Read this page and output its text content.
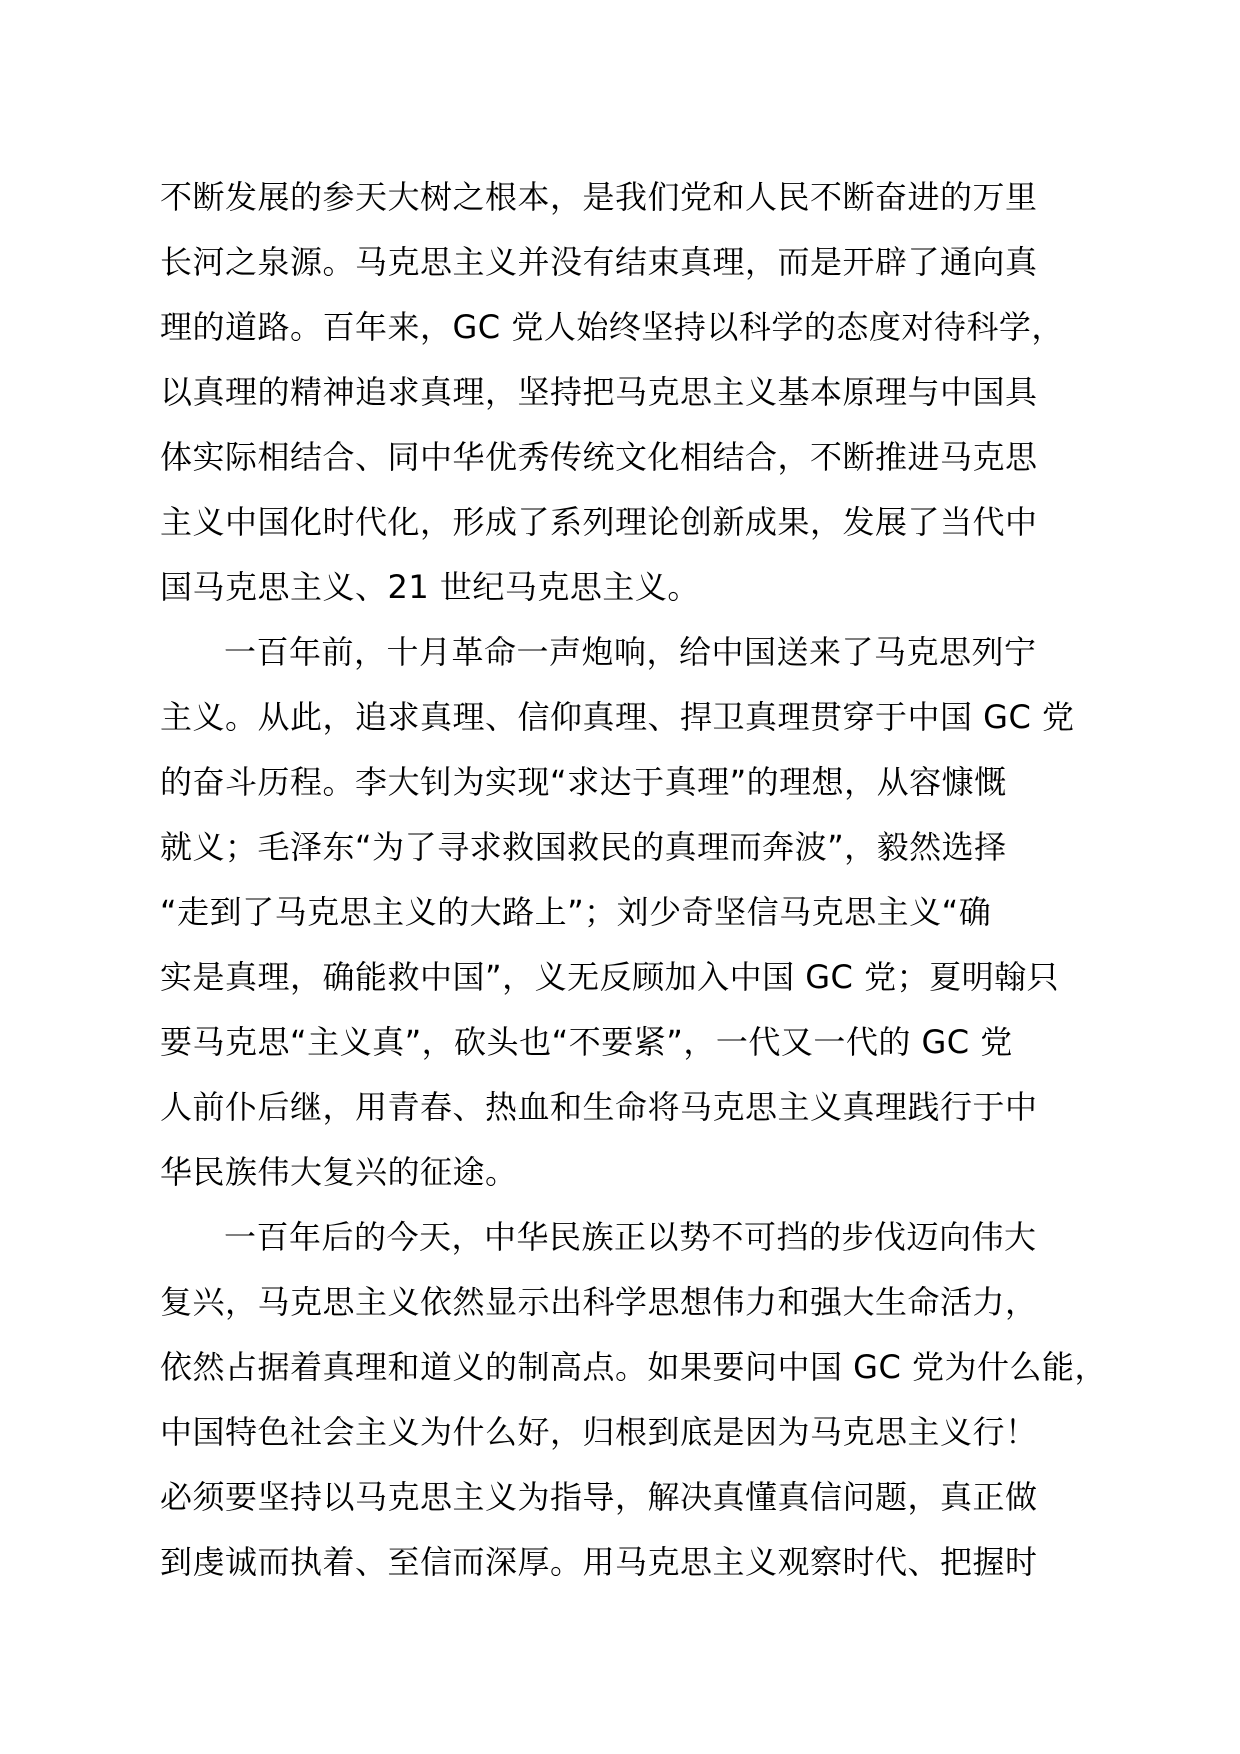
不断发展的参天大树之根本，是我们党和人民不断奋进的万里
长河之泉源。马克思主义并没有结束真理，而是开辟了通向真
理的道路。百年来，GC 党人始终坚持以科学的态度对待科学，
以真理的精神追求真理，坚持把马克思主义基本原理与中国具
体实际相结合、同中华优秀传统文化相结合，不断推进马克思
主义中国化时代化，形成了系列理论创新成果，发展了当代中
国马克思主义、21 世纪马克思主义。
一百年前，十月革命一声炮响，给中国送来了马克思列宁
主义。从此，追求真理、信仰真理、捍卫真理贯穿于中国 GC 党
的奋斗历程。李大钊为实现“求达于真理”的理想，从容慷慨
就义；毛泽东“为了寻求救国救民的真理而奔波”，毅然选择
“走到了马克思主义的大路上”；刘少奇坚信马克思主义“确
实是真理，确能救中国”，义无反顾加入中国 GC 党；夏明翰只
要马克思“主义真”，砍头也“不要紧”，一代又一代的 GC 党
人前仆后继，用青春、热血和生命将马克思主义真理践行于中
华民族伟大复兴的征途。
一百年后的今天，中华民族正以势不可挡的步伐迈向伟大
复兴，马克思主义依然显示出科学思想伟力和强大生命活力，
依然占据着真理和道义的制高点。如果要问中国 GC 党为什么能，
中国特色社会主义为什么好，归根到底是因为马克思主义行！
必须要坚持以马克思主义为指导，解决真懂真信问题，真正做
到虔诚而执着、至信而深厚。用马克思主义观察时代、把握时
